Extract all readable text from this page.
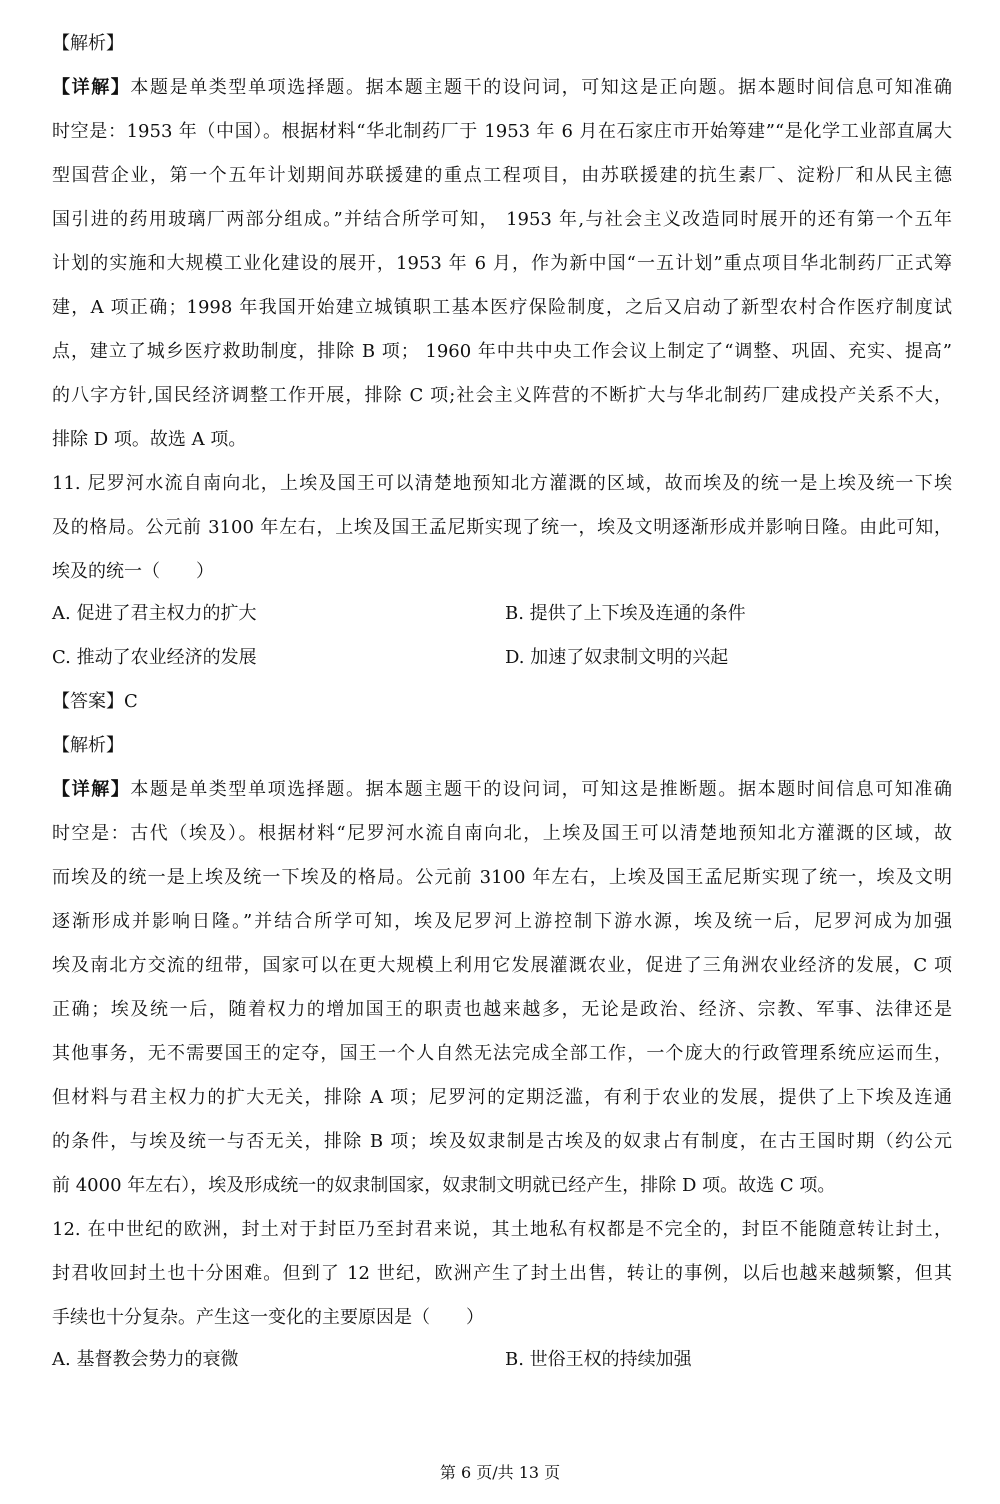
【解析】
【详解】本题是单类型单项选择题。据本题主题干的设问词，可知这是正向题。据本题时间信息可知准确
时空是：1953 年（中国）。根据材料“华北制药厂于 1953 年 6 月在石家庄市开始筹建”“是化学工业部直属大
型国营企业，第一个五年计划期间苏联援建的重点工程项目，由苏联援建的抗生素厂、淀粉厂和从民主德
国引进的药用玻璃厂两部分组成。”并结合所学可知， 1953 年,与社会主义改造同时展开的还有第一个五年
计划的实施和大规模工业化建设的展开，1953 年 6 月，作为新中国“一五计划”重点项目华北制药厂正式筹
建，A 项正确；1998 年我国开始建立城镇职工基本医疗保险制度，之后又启动了新型农村合作医疗制度试
点，建立了城乡医疗救助制度，排除 B 项； 1960 年中共中央工作会议上制定了“调整、巩固、充实、提高”
的八字方针,国民经济调整工作开展，排除 C 项;社会主义阵营的不断扩大与华北制药厂建成投产关系不大，
排除 D 项。故选 A 项。
11. 尼罗河水流自南向北，上埃及国王可以清楚地预知北方灌溉的区域，故而埃及的统一是上埃及统一下埃
及的格局。公元前 3100 年左右，上埃及国王孟尼斯实现了统一，埃及文明逐渐形成并影响日隆。由此可知，
埃及的统一（　　）
A. 促进了君主权力的扩大	B. 提供了上下埃及连通的条件
C. 推动了农业经济的发展	D. 加速了奴隶制文明的兴起
【答案】C
【解析】
【详解】本题是单类型单项选择题。据本题主题干的设问词，可知这是推断题。据本题时间信息可知准确
时空是：古代（埃及）。根据材料“尼罗河水流自南向北，上埃及国王可以清楚地预知北方灌溉的区域，故
而埃及的统一是上埃及统一下埃及的格局。公元前 3100 年左右，上埃及国王孟尼斯实现了统一，埃及文明
逐渐形成并影响日隆。”并结合所学可知，埃及尼罗河上游控制下游水源，埃及统一后，尼罗河成为加强
埃及南北方交流的纽带，国家可以在更大规模上利用它发展灌溉农业，促进了三角洲农业经济的发展，C 项
正确；埃及统一后，随着权力的增加国王的职责也越来越多，无论是政治、经济、宗教、军事、法律还是
其他事务，无不需要国王的定夺，国王一个人自然无法完成全部工作，一个庞大的行政管理系统应运而生，
但材料与君主权力的扩大无关，排除 A 项；尼罗河的定期泛滥，有利于农业的发展，提供了上下埃及连通
的条件，与埃及统一与否无关，排除 B 项；埃及奴隶制是古埃及的奴隶占有制度，在古王国时期（约公元
前 4000 年左右），埃及形成统一的奴隶制国家，奴隶制文明就已经产生，排除 D 项。故选 C 项。
12. 在中世纪的欧洲，封土对于封臣乃至封君来说，其土地私有权都是不完全的，封臣不能随意转让封土，
封君收回封土也十分困难。但到了 12 世纪，欧洲产生了封土出售，转让的事例，以后也越来越频繁，但其
手续也十分复杂。产生这一变化的主要原因是（　　）
A. 基督教会势力的衰微	B. 世俗王权的持续加强
第 6 页/共 13 页
